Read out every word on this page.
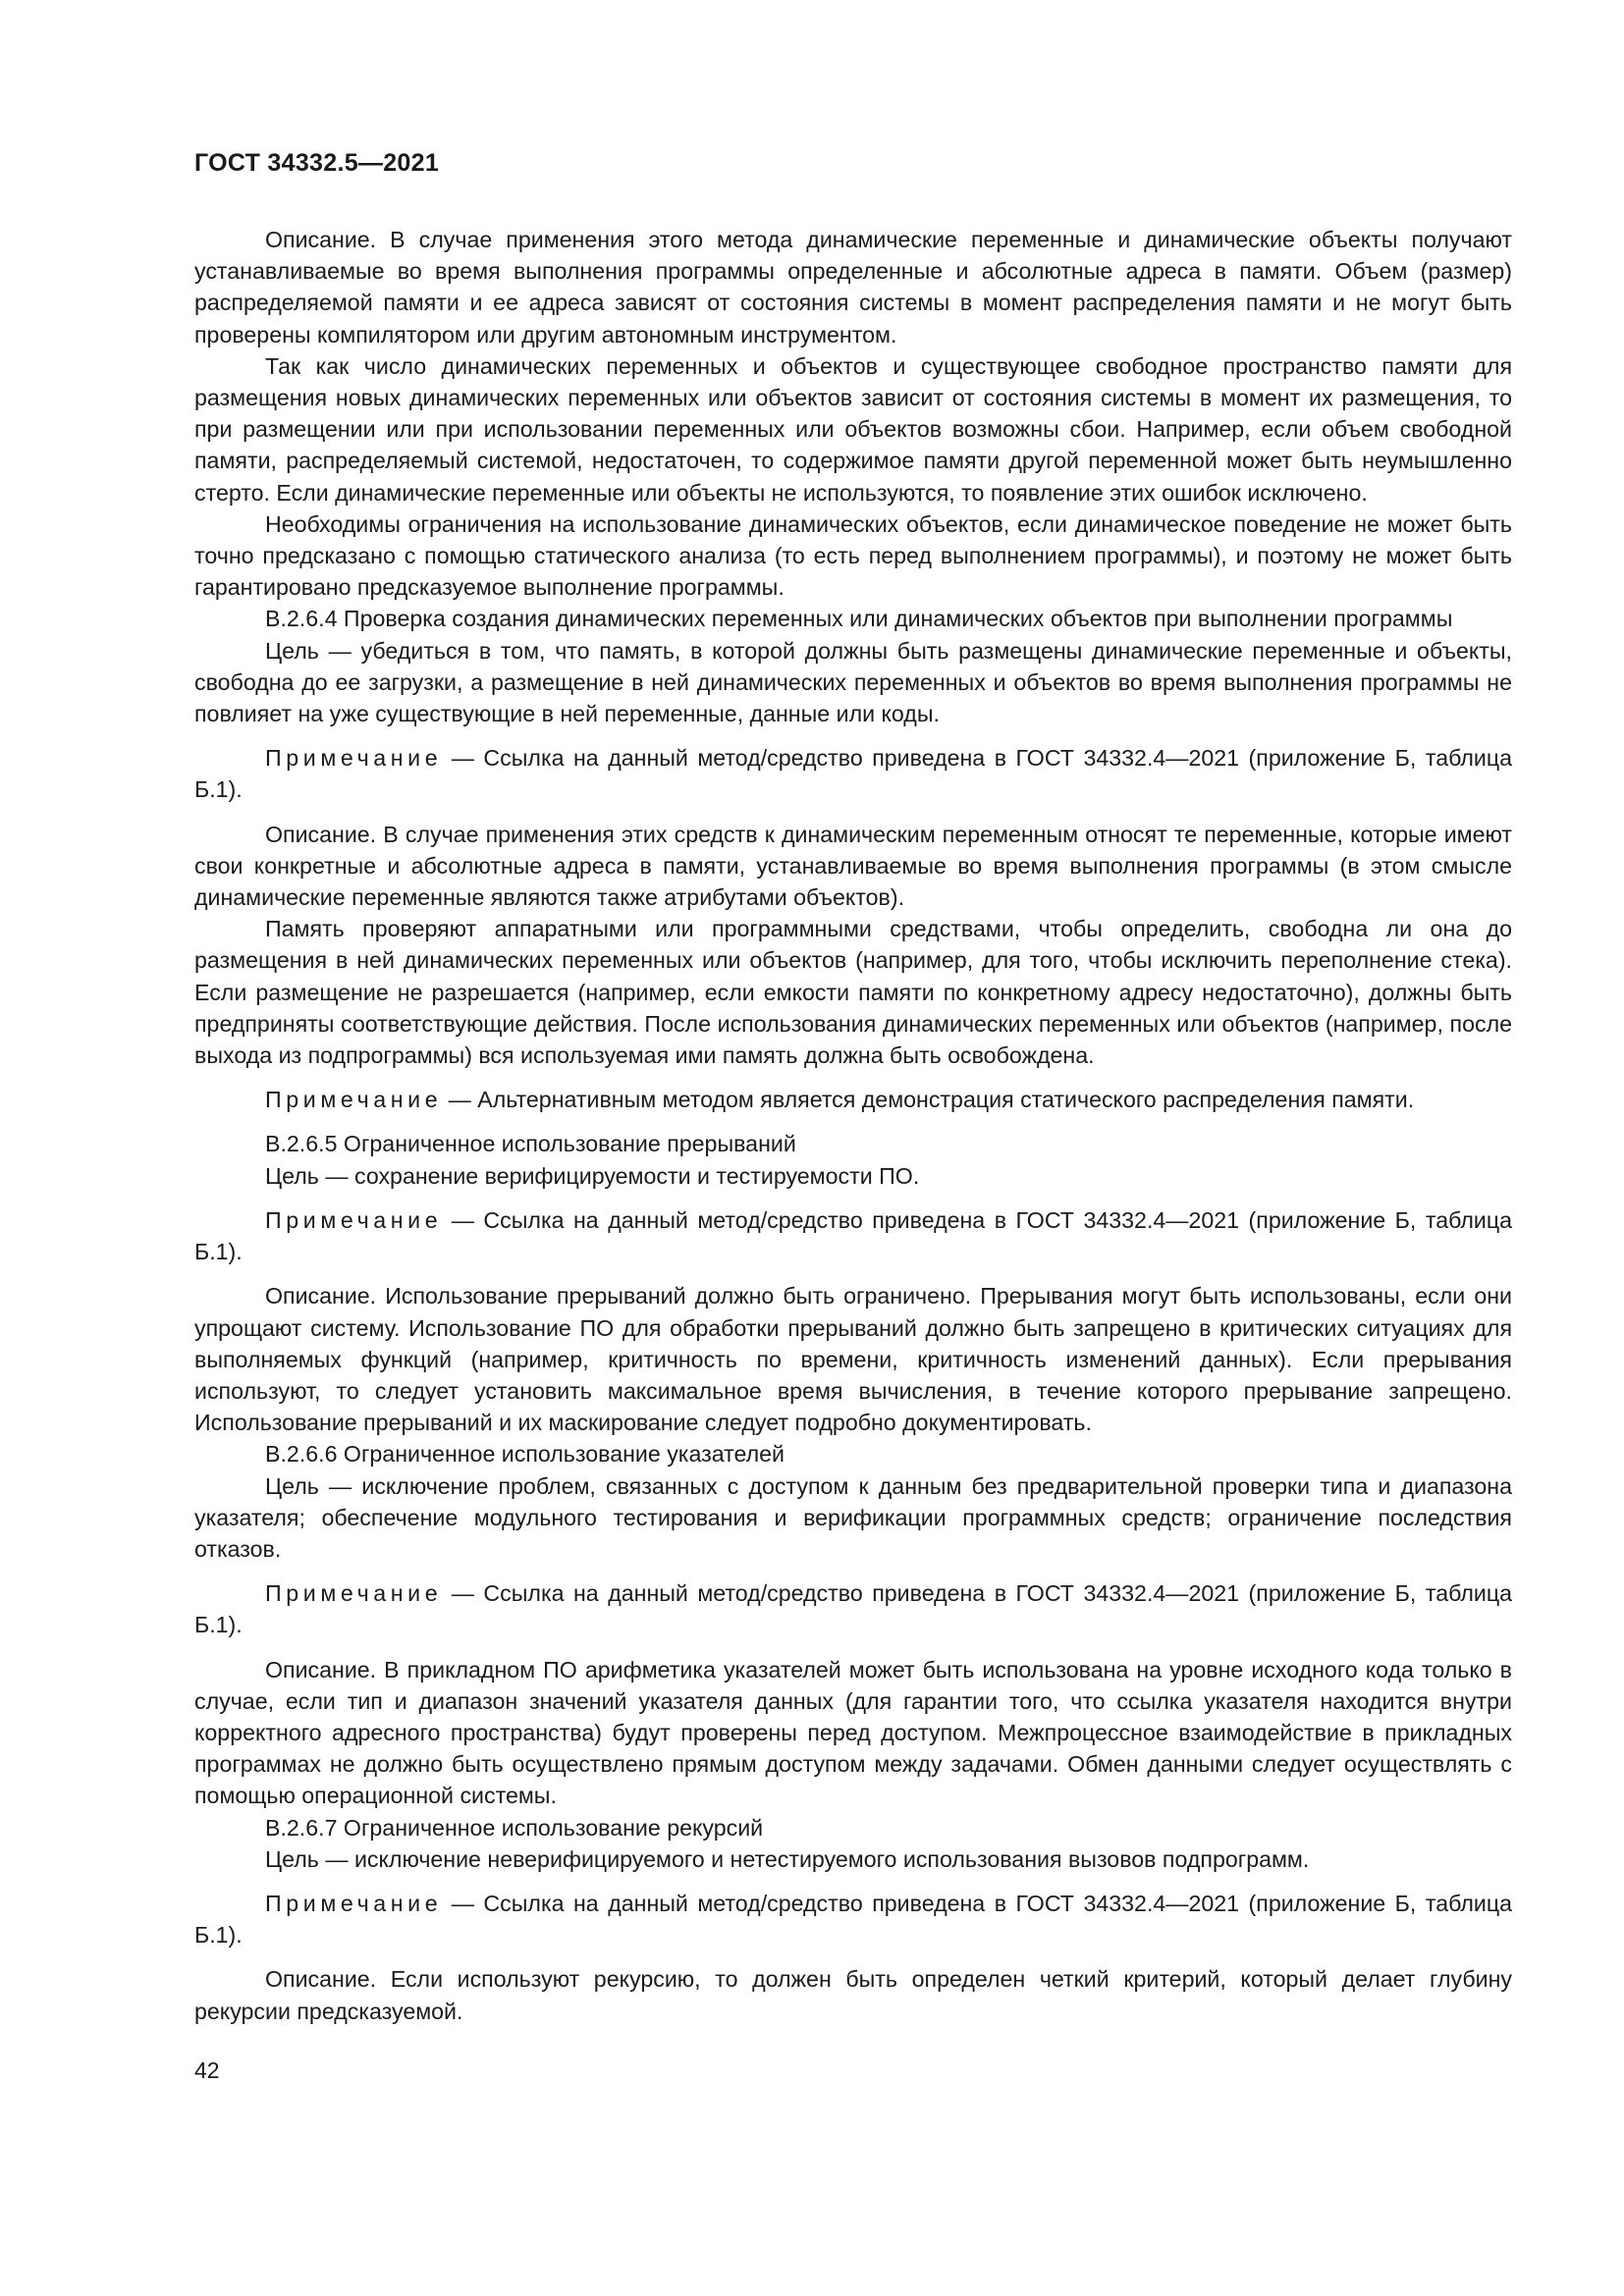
ГОСТ 34332.5—2021

Описание. В случае применения этого метода динамические переменные и динамические объекты получают устанавливаемые во время выполнения программы определенные и абсолютные адреса в памяти. Объем (размер) распределяемой памяти и ее адреса зависят от состояния системы в момент распределения памяти и не могут быть проверены компилятором или другим автономным инструментом.

Так как число динамических переменных и объектов и существующее свободное пространство памяти для размещения новых динамических переменных или объектов зависит от состояния системы в момент их размещения, то при размещении или при использовании переменных или объектов возможны сбои. Например, если объем свободной памяти, распределяемый системой, недостаточен, то содержимое памяти другой переменной может быть неумышленно стерто. Если динамические переменные или объекты не используются, то появление этих ошибок исключено.

Необходимы ограничения на использование динамических объектов, если динамическое поведение не может быть точно предсказано с помощью статического анализа (то есть перед выполнением программы), и поэтому не может быть гарантировано предсказуемое выполнение программы.

В.2.6.4 Проверка создания динамических переменных или динамических объектов при выполнении программы

Цель — убедиться в том, что память, в которой должны быть размещены динамические переменные и объекты, свободна до ее загрузки, а размещение в ней динамических переменных и объектов во время выполнения программы не повлияет на уже существующие в ней переменные, данные или коды.

Примечание — Ссылка на данный метод/средство приведена в ГОСТ 34332.4—2021 (приложение Б, таблица Б.1).

Описание. В случае применения этих средств к динамическим переменным относят те переменные, которые имеют свои конкретные и абсолютные адреса в памяти, устанавливаемые во время выполнения программы (в этом смысле динамические переменные являются также атрибутами объектов).

Память проверяют аппаратными или программными средствами, чтобы определить, свободна ли она до размещения в ней динамических переменных или объектов (например, для того, чтобы исключить переполнение стека). Если размещение не разрешается (например, если емкости памяти по конкретному адресу недостаточно), должны быть предприняты соответствующие действия. После использования динамических переменных или объектов (например, после выхода из подпрограммы) вся используемая ими память должна быть освобождена.

Примечание — Альтернативным методом является демонстрация статического распределения памяти.

В.2.6.5 Ограниченное использование прерываний

Цель — сохранение верифицируемости и тестируемости ПО.

Примечание — Ссылка на данный метод/средство приведена в ГОСТ 34332.4—2021 (приложение Б, таблица Б.1).

Описание. Использование прерываний должно быть ограничено. Прерывания могут быть использованы, если они упрощают систему. Использование ПО для обработки прерываний должно быть запрещено в критических ситуациях для выполняемых функций (например, критичность по времени, критичность изменений данных). Если прерывания используют, то следует установить максимальное время вычисления, в течение которого прерывание запрещено. Использование прерываний и их маскирование следует подробно документировать.

В.2.6.6 Ограниченное использование указателей

Цель — исключение проблем, связанных с доступом к данным без предварительной проверки типа и диапазона указателя; обеспечение модульного тестирования и верификации программных средств; ограничение последствия отказов.

Примечание — Ссылка на данный метод/средство приведена в ГОСТ 34332.4—2021 (приложение Б, таблица Б.1).

Описание. В прикладном ПО арифметика указателей может быть использована на уровне исходного кода только в случае, если тип и диапазон значений указателя данных (для гарантии того, что ссылка указателя находится внутри корректного адресного пространства) будут проверены перед доступом. Межпроцессное взаимодействие в прикладных программах не должно быть осуществлено прямым доступом между задачами. Обмен данными следует осуществлять с помощью операционной системы.

В.2.6.7 Ограниченное использование рекурсий

Цель — исключение неверифицируемого и нетестируемого использования вызовов подпрограмм.

Примечание — Ссылка на данный метод/средство приведена в ГОСТ 34332.4—2021 (приложение Б, таблица Б.1).

Описание. Если используют рекурсию, то должен быть определен четкий критерий, который делает глубину рекурсии предсказуемой.

42
